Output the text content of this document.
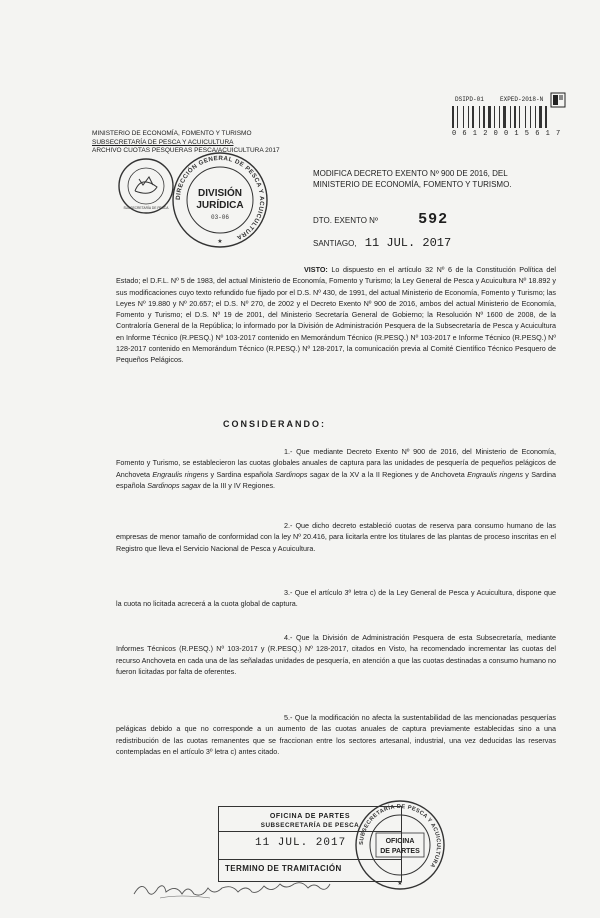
DSIPD-01	EXPED-2018-N
0 6 1 2 0 0 1 5 6 1 7
MINISTERIO DE ECONOMÍA, FOMENTO Y TURISMO
SUBSECRETARÍA DE PESCA Y ACUICULTURA
ARCHIVO CUOTAS PESQUERAS PESCA/ACUICULTURA 2017
SUBSECRETARÍA DE PESCA
DIRECCIÓN GENERAL DE PESCA Y ACUICULTURA
DIVISIÓN
JURÍDICA
03-06
★
MODIFICA DECRETO EXENTO Nº 900 DE 2016, DEL MINISTERIO DE ECONOMÍA, FOMENTO Y TURISMO.
DTO. EXENTO Nº	592
SANTIAGO, 11 JUL. 2017
VISTO: Lo dispuesto en el artículo 32 Nº 6 de la Constitución Política del Estado; el D.F.L. Nº 5 de 1983, del actual Ministerio de Economía, Fomento y Turismo; la Ley General de Pesca y Acuicultura Nº 18.892 y sus modificaciones cuyo texto refundido fue fijado por el D.S. Nº 430, de 1991, del actual Ministerio de Economía, Fomento y Turismo; las Leyes Nº 19.880 y Nº 20.657; el D.S. Nº 270, de 2002 y el Decreto Exento Nº 900 de 2016, ambos del actual Ministerio de Economía, Fomento y Turismo; el D.S. Nº 19 de 2001, del Ministerio Secretaría General de Gobierno; la Resolución Nº 1600 de 2008, de la Contraloría General de la República; lo informado por la División de Administración Pesquera de la Subsecretaría de Pesca y Acuicultura en Informe Técnico (R.PESQ.) Nº 103-2017 contenido en Memorándum Técnico (R.PESQ.) Nº 103-2017 e Informe Técnico (R.PESQ.) Nº 128-2017 contenido en Memorándum Técnico (R.PESQ.) Nº 128-2017, la comunicación previa al Comité Científico Técnico Pesquero de Pequeños Pelágicos.
CONSIDERANDO:
1.- Que mediante Decreto Exento Nº 900 de 2016, del Ministerio de Economía, Fomento y Turismo, se establecieron las cuotas globales anuales de captura para las unidades de pesquería de pequeños pelágicos de Anchoveta Engraulis ringens y Sardina española Sardinops sagax de la XV a la II Regiones y de Anchoveta Engraulis ringens y Sardina española Sardinops sagax de la III y IV Regiones.
2.- Que dicho decreto estableció cuotas de reserva para consumo humano de las empresas de menor tamaño de conformidad con la ley Nº 20.416, para licitarla entre los titulares de las plantas de proceso inscritas en el Registro que lleva el Servicio Nacional de Pesca y Acuicultura.
3.- Que el artículo 3º letra c) de la Ley General de Pesca y Acuicultura, dispone que la cuota no licitada acrecerá a la cuota global de captura.
4.- Que la División de Administración Pesquera de esta Subsecretaría, mediante Informes Técnicos (R.PESQ.) Nº 103-2017 y (R.PESQ.) Nº 128-2017, citados en Visto, ha recomendado incrementar las cuotas del recurso Anchoveta en cada una de las señaladas unidades de pesquería, en atención a que las cuotas destinadas a consumo humano no fueron licitadas por falta de oferentes.
5.- Que la modificación no afecta la sustentabilidad de las mencionadas pesquerías pelágicas debido a que no corresponde a un aumento de las cuotas anuales de captura previamente establecidas sino a una redistribución de las cuotas remanentes que se fraccionan entre los sectores artesanal, industrial, una vez deducidas las reservas contempladas en el artículo 3º letra c) antes citado.
OFICINA DE PARTES
SUBSECRETARÍA DE PESCA
11 JUL. 2017
TERMINO DE TRAMITACIÓN
SUBSECRETARÍA DE PESCA Y ACUICULTURA
OFICINA
DE PARTES
★
